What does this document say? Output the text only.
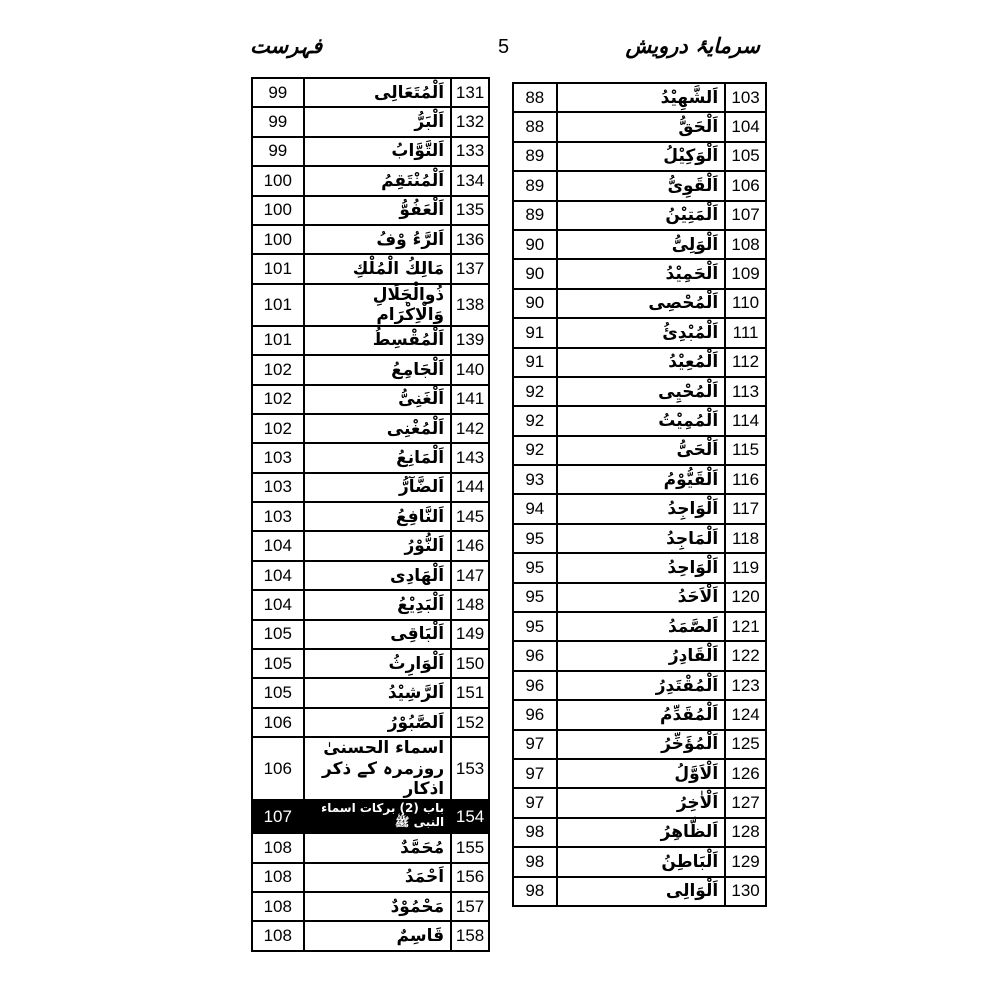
فہرست	5	سرمایۂ درویش
99	اَلْمُتَعَالِی	131
99	اَلْبَرُّ	132
99	اَلتَّوَّابُ	133
100	اَلْمُنْتَقِمُ	134
100	اَلْعَفُوُّ	135
100	اَلرَّءُ وْفُ	136
101	مَالِكُ الْمُلْكِ	137
101	ذُوالْجَلَالِ وَالْاِكْرَام	138
101	اَلْمُقْسِطُ	139
102	اَلْجَامِعُ	140
102	اَلْغَنِیُّ	141
102	اَلْمُغْنِی	142
103	اَلْمَانِعُ	143
103	اَلضَّآرُّ	144
103	اَلنَّافِعُ	145
104	اَلنُّوْرُ	146
104	اَلْهَادِی	147
104	اَلْبَدِیْعُ	148
105	اَلْبَاقِی	149
105	اَلْوَارِثُ	150
105	اَلرَّشِیْدُ	151
106	اَلصَّبُوْرُ	152
106	اسماء الحسنیٰ روزمرہ کے ذکر اذکار	153
107	باب (2) برکات اسماء النبی ﷺ	154
108	مُحَمَّدٌ	155
108	اَحْمَدُ	156
108	مَحْمُوْدٌ	157
108	قَاسِمٌ	158
88	اَلشَّهِیْدُ	103
88	اَلْحَقُّ	104
89	اَلْوَكِیْلُ	105
89	اَلْقَوِیُّ	106
89	اَلْمَتِیْنُ	107
90	اَلْوَلِیُّ	108
90	اَلْحَمِیْدُ	109
90	اَلْمُحْصِی	110
91	اَلْمُبْدِئُ	111
91	اَلْمُعِیْدُ	112
92	اَلْمُحْیِی	113
92	اَلْمُمِیْتُ	114
92	اَلْحَیُّ	115
93	اَلْقَیُّوْمُ	116
94	اَلْوَاجِدُ	117
95	اَلْمَاجِدُ	118
95	اَلْوَاحِدُ	119
95	اَلْاَحَدُ	120
95	اَلصَّمَدُ	121
96	اَلْقَادِرُ	122
96	اَلْمُقْتَدِرُ	123
96	اَلْمُقَدِّمُ	124
97	اَلْمُؤَخِّرُ	125
97	اَلْاَوَّلُ	126
97	اَلْاٰخِرُ	127
98	اَلظَّاهِرُ	128
98	اَلْبَاطِنُ	129
98	اَلْوَالِی	130
